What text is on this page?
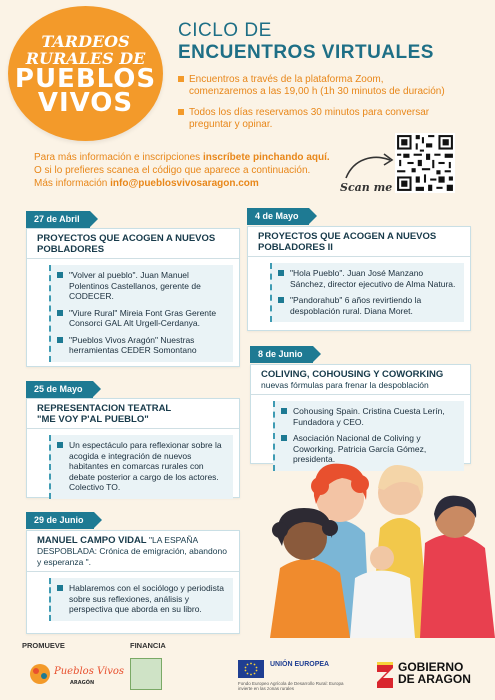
TARDEOS
RURALES DE
PUEBLOS
VIVOS
CICLO DE
ENCUENTROS VIRTUALES
Encuentros a través de la plataforma Zoom,
comenzaremos a las 19,00 h (1h 30 minutos de duración)
Todos los días reservamos 30 minutos para conversar
preguntar y opinar.
Para más información e inscripciones inscríbete pinchando aquí.
O si lo prefieres scanea el código que aparece a continuación.
Más información info@pueblosvivosaragon.com	Scan me
27 de Abril
PROYECTOS QUE ACOGEN A NUEVOS POBLADORES
"Volver al pueblo". Juan Manuel Polentinos Castellanos, gerente de CODECER.
"Viure Rural" Mireia Font Gras Gerente Consorci GAL Alt Urgell-Cerdanya.
"Pueblos Vivos Aragón" Nuestras herramientas CEDER Somontano
4 de Mayo
PROYECTOS QUE ACOGEN A NUEVOS POBLADORES II
"Hola Pueblo". Juan José Manzano Sánchez, director ejecutivo de Alma Natura.
"Pandorahub" 6 años revirtiendo la despoblación rural. Diana Moret.
8 de Junio
COLIVING, COHOUSING Y COWORKING
nuevas fórmulas para frenar la despoblación
Cohousing Spain. Cristina Cuesta Lerín, Fundadora y CEO.
Asociación Nacional de Coliving y Coworking. Patricia García Gómez, presidenta.
25 de Mayo
REPRESENTACION TEATRAL
"ME VOY P'AL PUEBLO"
Un espectáculo para reflexionar sobre la acogida e integración de nuevos habitantes en comarcas rurales con debate posterior a cargo de los actores. Colectivo TO.
29 de Junio
MANUEL CAMPO VIDAL "LA ESPAÑA DESPOBLADA: Crónica de emigración, abandono y esperanza ".
Hablaremos con el sociólogo y periodista sobre sus reflexiones, análisis y perspectiva que aborda en su libro.
PROMUEVE	FINANCIA
Pueblos Vivos
ARAGÓN
UNIÓN EUROPEA
Fondo Europeo Agrícola de Desarrollo Rural: Europa invierte en las zonas rurales
GOBIERNO
DE ARAGON
